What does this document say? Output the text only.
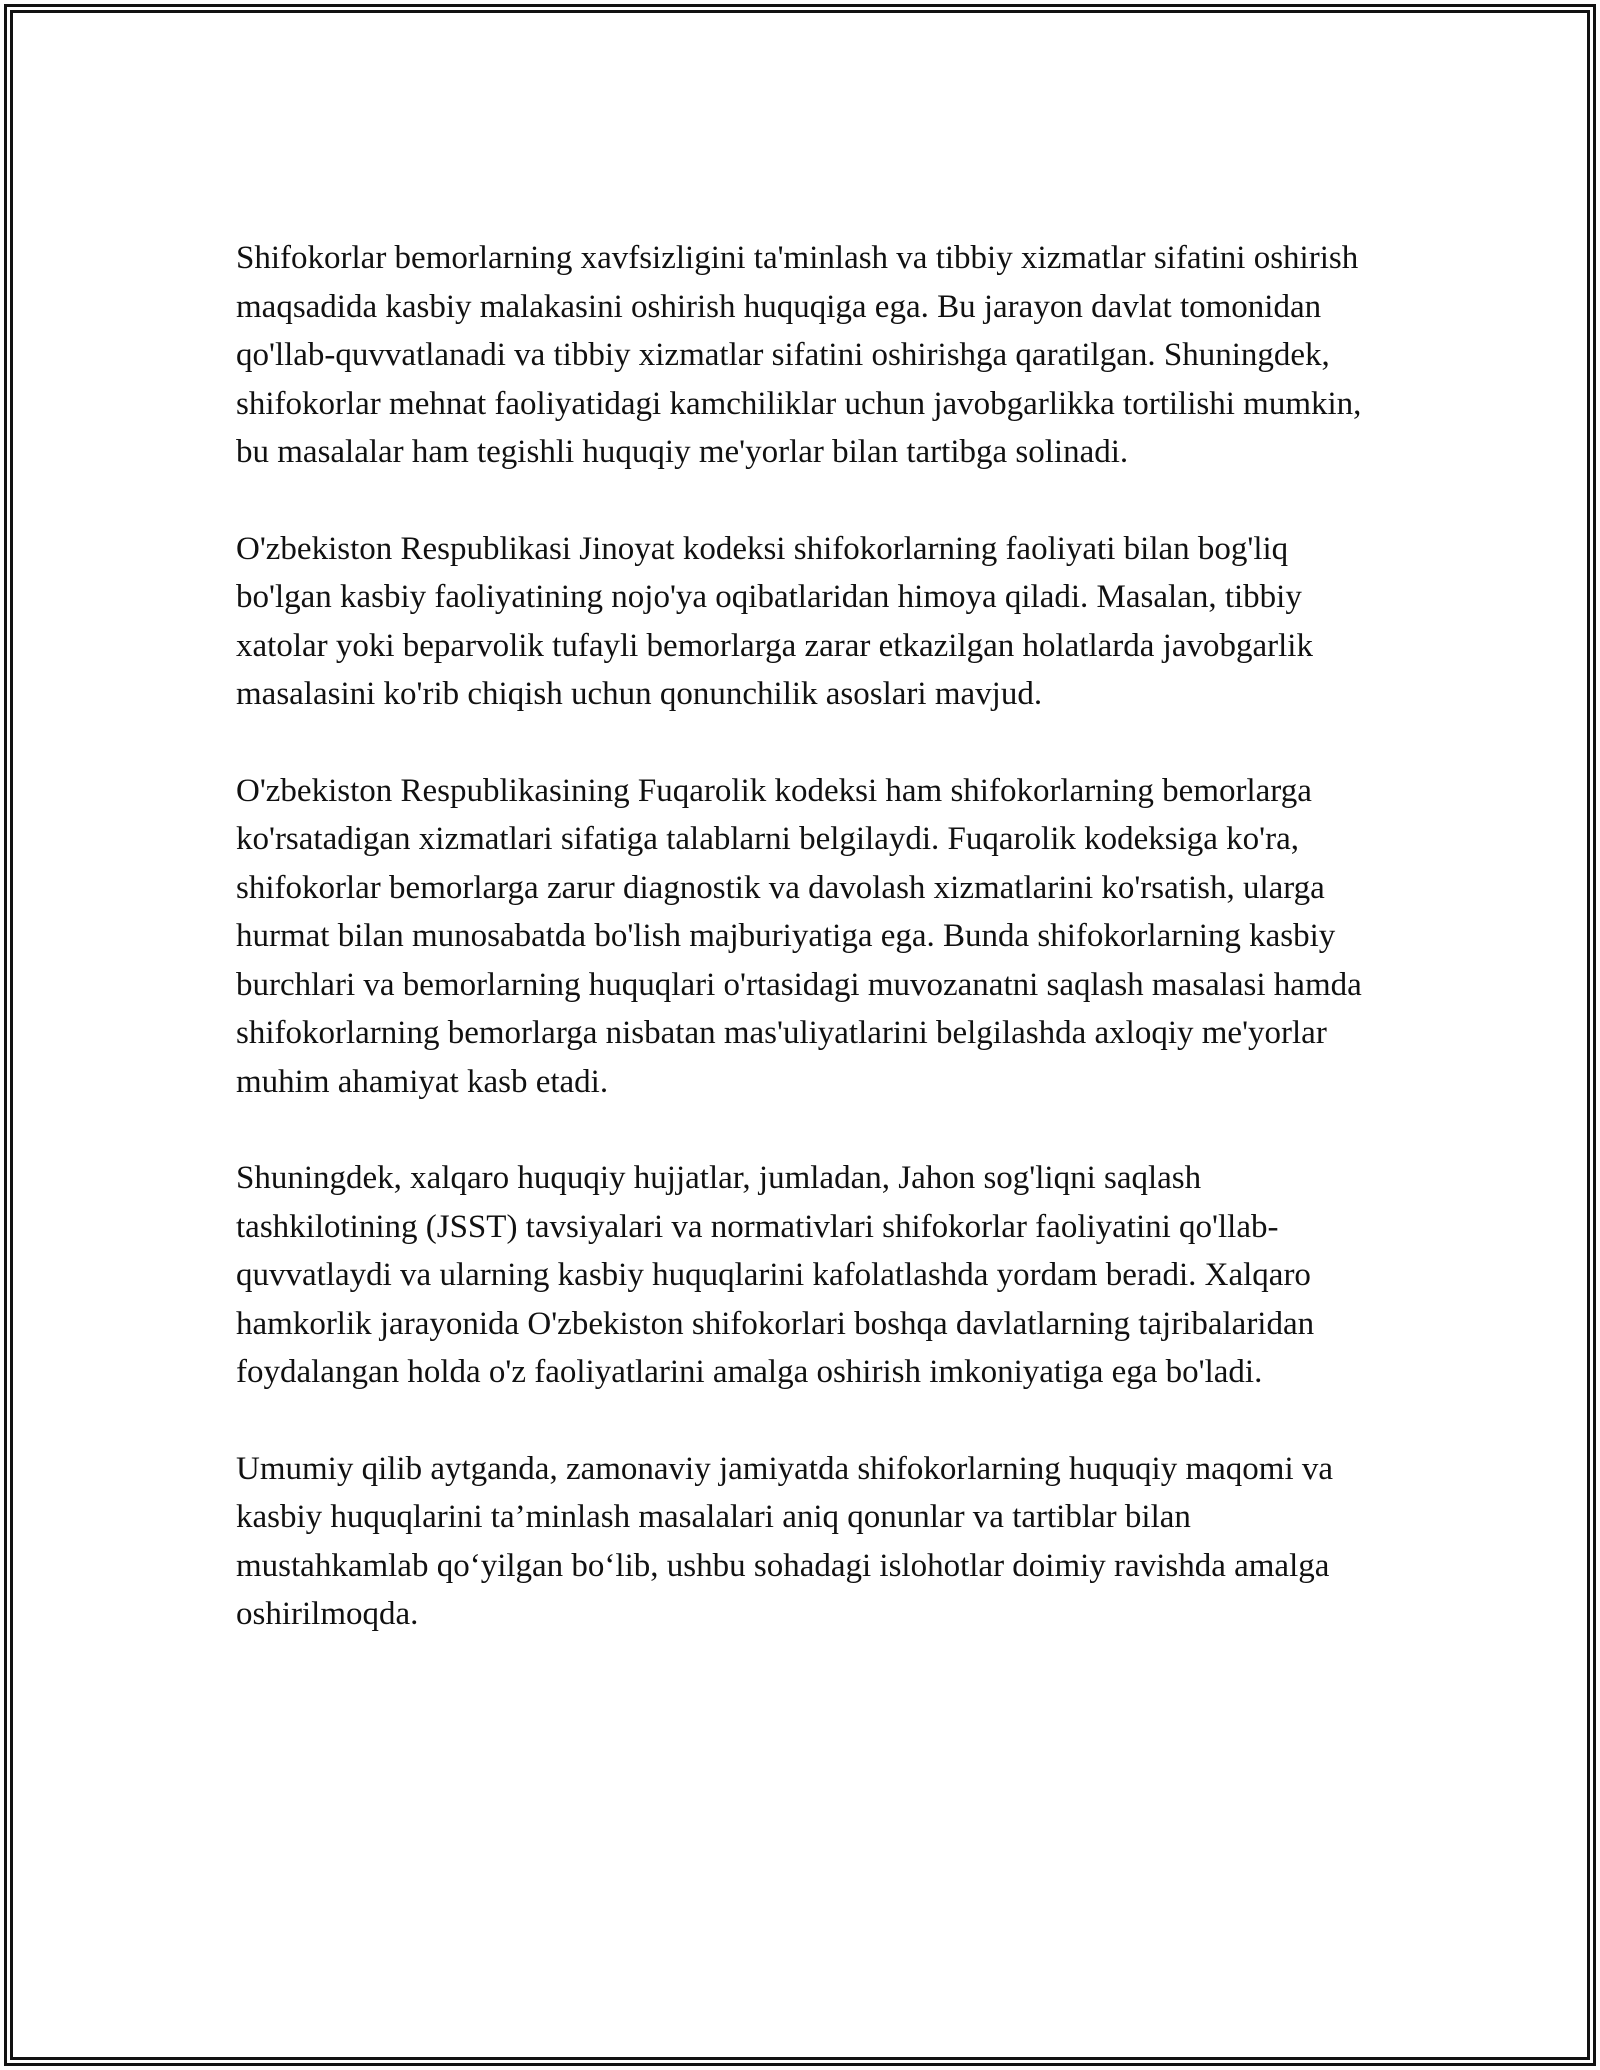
Shifokorlar bemorlarning xavfsizligini ta'minlash va tibbiy xizmatlar sifatini oshirish maqsadida kasbiy malakasini oshirish huquqiga ega. Bu jarayon davlat tomonidan qo'llab-quvvatlanadi va tibbiy xizmatlar sifatini oshirishga qaratilgan. Shuningdek, shifokorlar mehnat faoliyatidagi kamchiliklar uchun javobgarlikka tortilishi mumkin, bu masalalar ham tegishli huquqiy me'yorlar bilan tartibga solinadi.

O'zbekiston Respublikasi Jinoyat kodeksi shifokorlarning faoliyati bilan bog'liq bo'lgan kasbiy faoliyatining nojo'ya oqibatlaridan himoya qiladi. Masalan, tibbiy xatolar yoki beparvolik tufayli bemorlarga zarar etkazilgan holatlarda javobgarlik masalasini ko'rib chiqish uchun qonunchilik asoslari mavjud.

O'zbekiston Respublikasining Fuqarolik kodeksi ham shifokorlarning bemorlarga ko'rsatadigan xizmatlari sifatiga talablarni belgilaydi. Fuqarolik kodeksiga ko'ra, shifokorlar bemorlarga zarur diagnostik va davolash xizmatlarini ko'rsatish, ularga hurmat bilan munosabatda bo'lish majburiyatiga ega. Bunda shifokorlarning kasbiy burchlari va bemorlarning huquqlari o'rtasidagi muvozanatni saqlash masalasi hamda shifokorlarning bemorlarga nisbatan mas'uliyatlarini belgilashda axloqiy me'yorlar muhim ahamiyat kasb etadi.

Shuningdek, xalqaro huquqiy hujjatlar, jumladan, Jahon sog'liqni saqlash tashkilotining (JSST) tavsiyalari va normativlari shifokorlar faoliyatini qo'llab-quvvatlaydi va ularning kasbiy huquqlarini kafolatlashda yordam beradi. Xalqaro hamkorlik jarayonida O'zbekiston shifokorlari boshqa davlatlarning tajribalaridan foydalangan holda o'z faoliyatlarini amalga oshirish imkoniyatiga ega bo'ladi.

Umumiy qilib aytganda, zamonaviy jamiyatda shifokorlarning huquqiy maqomi va kasbiy huquqlarini ta’minlash masalalari aniq qonunlar va tartiblar bilan mustahkamlab qo‘yilgan bo‘lib, ushbu sohadagi islohotlar doimiy ravishda amalga oshirilmoqda.
